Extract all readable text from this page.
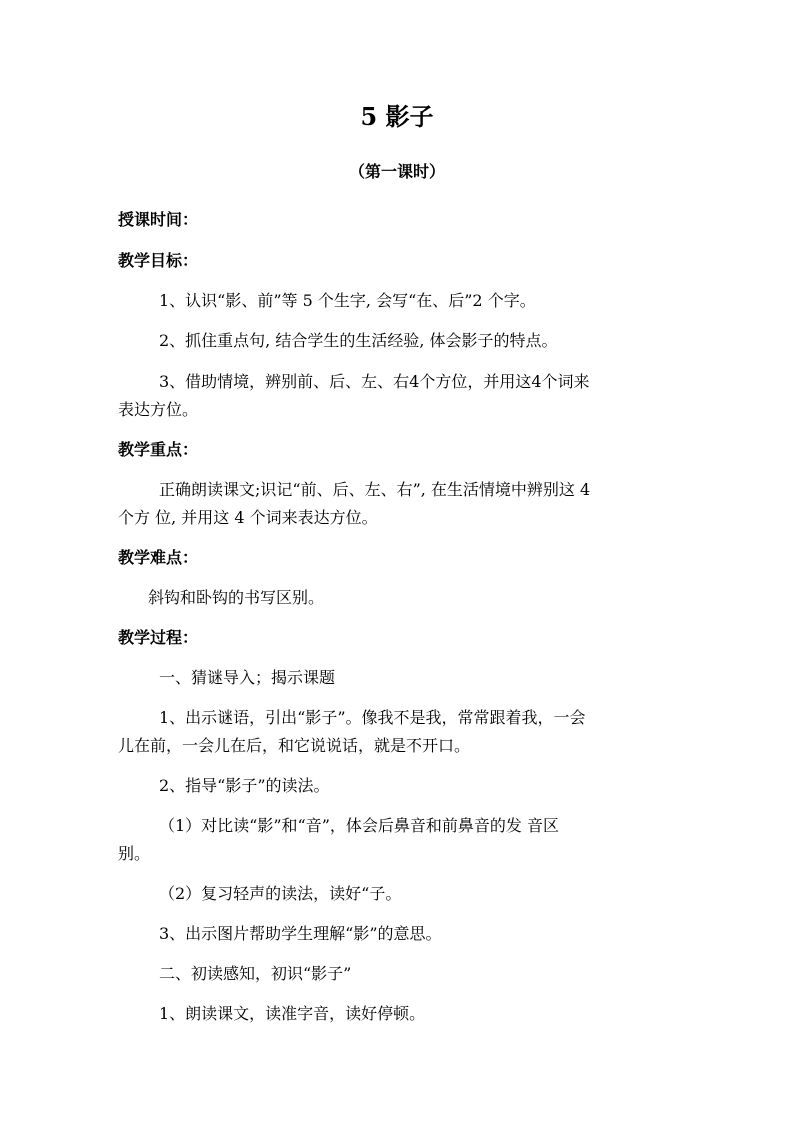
5 影子
（第一课时）
授课时间：
教学目标：
1、认识“影、前”等 5 个生字, 会写“在、后”2 个字。
2、抓住重点句, 结合学生的生活经验, 体会影子的特点。
3、借助情境，辨别前、后、左、右4个方位，并用这4个词来
表达方位。
教学重点：
正确朗读课文;识记“前、后、左、右”, 在生活情境中辨别这 4
个方 位, 并用这 4 个词来表达方位。
教学难点：
斜钩和卧钩的书写区别。
教学过程：
一、猜谜导入；揭示课题
1、出示谜语，引出“影子”。像我不是我，常常跟着我，一会
儿在前，一会儿在后，和它说说话，就是不开口。
2、指导“影子”的读法。
（1）对比读“影”和“音”，体会后鼻音和前鼻音的发 音区
别。
（2）复习轻声的读法，读好“子。
3、出示图片帮助学生理解“影”的意思。
二、初读感知，初识“影子”
1、朗读课文，读准字音，读好停顿。
